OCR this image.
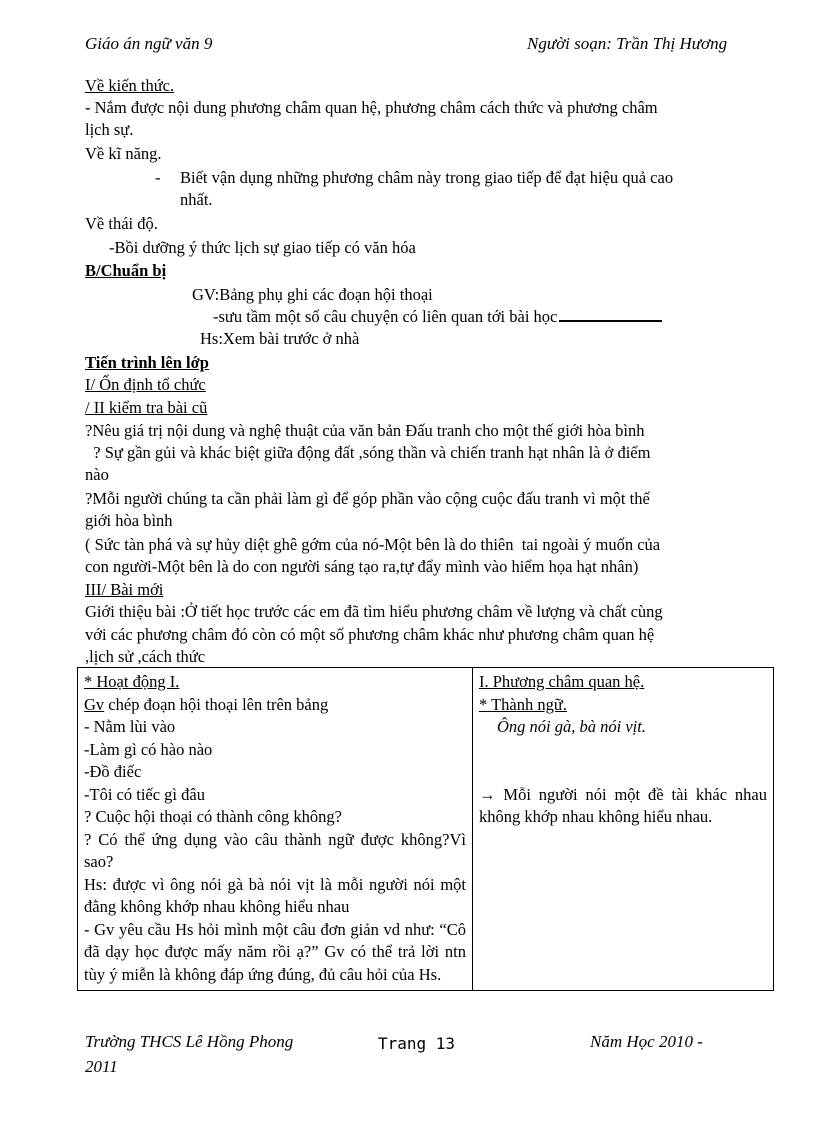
Giáo án ngữ văn 9	Người soạn: Trần Thị Hương
Về kiến thức.
- Nắm được nội dung phương châm quan hệ, phương châm cách thức và phương châm
lịch sự.
Về kĩ năng.
- Biết vận dụng những phương châm này trong giao tiếp để đạt hiệu quả cao
nhất.
Về thái độ.
-Bồi dưỡng ý thức lịch sự giao tiếp có văn hóa
B/Chuẩn bị
GV:Bảng phụ ghi các đoạn hội thoại
-sưu tầm một số câu chuyện có liên quan tới bài học
Hs:Xem bài trước ở nhà
Tiến trình lên lớp
I/ Ổn định tổ chức
/ II kiểm tra bài cũ
?Nêu giá trị nội dung và nghệ thuật của văn bản Đấu tranh cho một thế giới hòa bình
? Sự gần gủi và khác biệt giữa động đất ,sóng thần và chiến tranh hạt nhân là ở điểm
nào
?Mỗi người chúng ta cần phải làm gì để góp phần vào cộng cuộc đấu tranh vì một thế
giới hòa bình
( Sức tàn phá và sự hủy diệt ghê gớm của nó-Một bên là do thiên  tai ngoài ý muốn của
con người-Một bên là do con người sáng tạo ra,tự đẩy mình vào hiểm họa hạt nhân)
III/ Bài mới
Giới thiệu bài :Ở tiết học trước các em đã tìm hiểu phương châm về lượng và chất cùng
với các phương châm đó còn có một số phương châm khác như phương châm quan hệ
,lịch sử ,cách thức
* Hoạt động I.
Gv chép đoạn hội thoại lên trên bảng
- Nằm lùi vào
-Làm gì có hào nào
-Đồ điếc
-Tôi có tiếc gì đâu
? Cuộc hội thoại có thành công không?
? Có thể ứng dụng vào câu thành ngữ được không?Vì sao?
Hs: được vì ông nói gà bà nói vịt là mỗi người nói một đằng không khớp nhau không hiểu nhau
- Gv yêu cầu Hs hỏi mình một câu đơn giản vd như: “Cô đã dạy học được mấy năm rồi ạ?” Gv có thể trả lời ntn tùy ý miễn là không đáp ứng đúng, đủ câu hỏi của Hs.

I. Phương châm quan hệ.
* Thành ngữ.
Ông nói gà, bà nói vịt.
→ Mỗi người nói một đề tài khác nhau không khớp nhau không hiểu nhau.
Trường THCS Lê Hồng Phong	Trang 13	Năm Học 2010 -
2011
